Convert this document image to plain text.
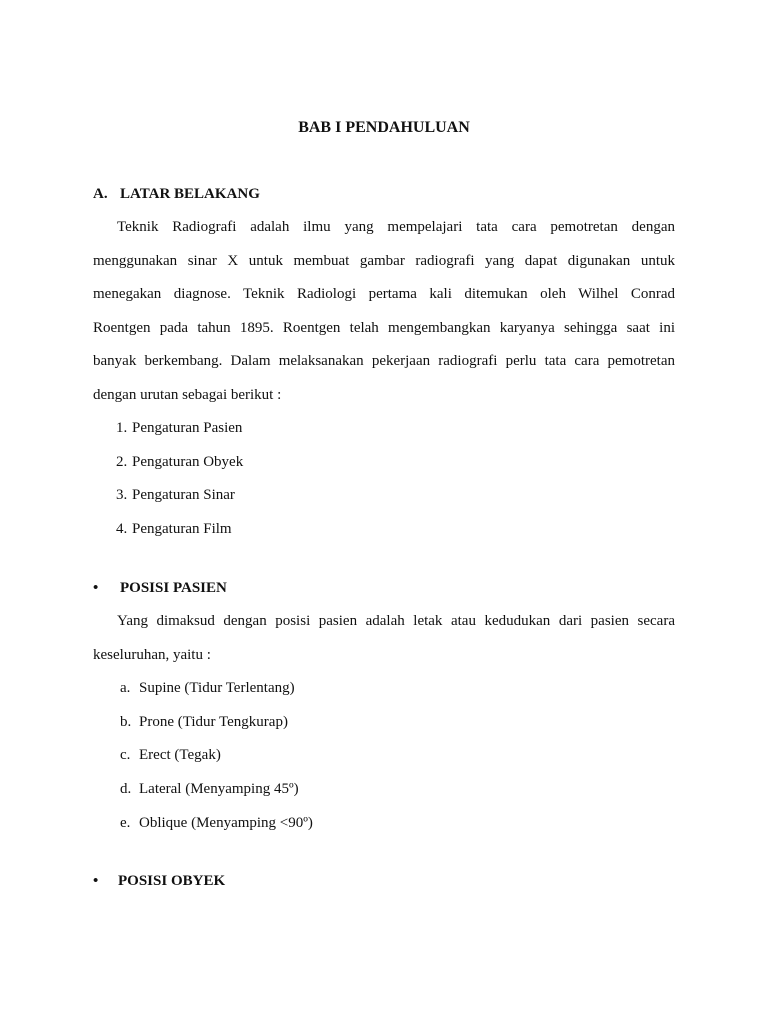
BAB I PENDAHULUAN
A. LATAR BELAKANG
Teknik Radiografi adalah ilmu yang mempelajari tata cara pemotretan dengan
menggunakan sinar X untuk membuat gambar radiografi yang dapat digunakan untuk
menegakan diagnose. Teknik Radiologi pertama kali ditemukan oleh Wilhel Conrad
Roentgen pada tahun 1895. Roentgen telah mengembangkan karyanya sehingga saat ini
banyak berkembang. Dalam melaksanakan pekerjaan radiografi perlu tata cara pemotretan
dengan urutan sebagai berikut :
1. Pengaturan Pasien
2. Pengaturan Obyek
3. Pengaturan Sinar
4. Pengaturan Film
• POSISI PASIEN
Yang dimaksud dengan posisi pasien adalah letak atau kedudukan dari pasien secara
keseluruhan, yaitu :
a. Supine (Tidur Terlentang)
b. Prone (Tidur Tengkurap)
c. Erect (Tegak)
d. Lateral (Menyamping 45º)
e. Oblique (Menyamping <90º)
• POSISI OBYEK
